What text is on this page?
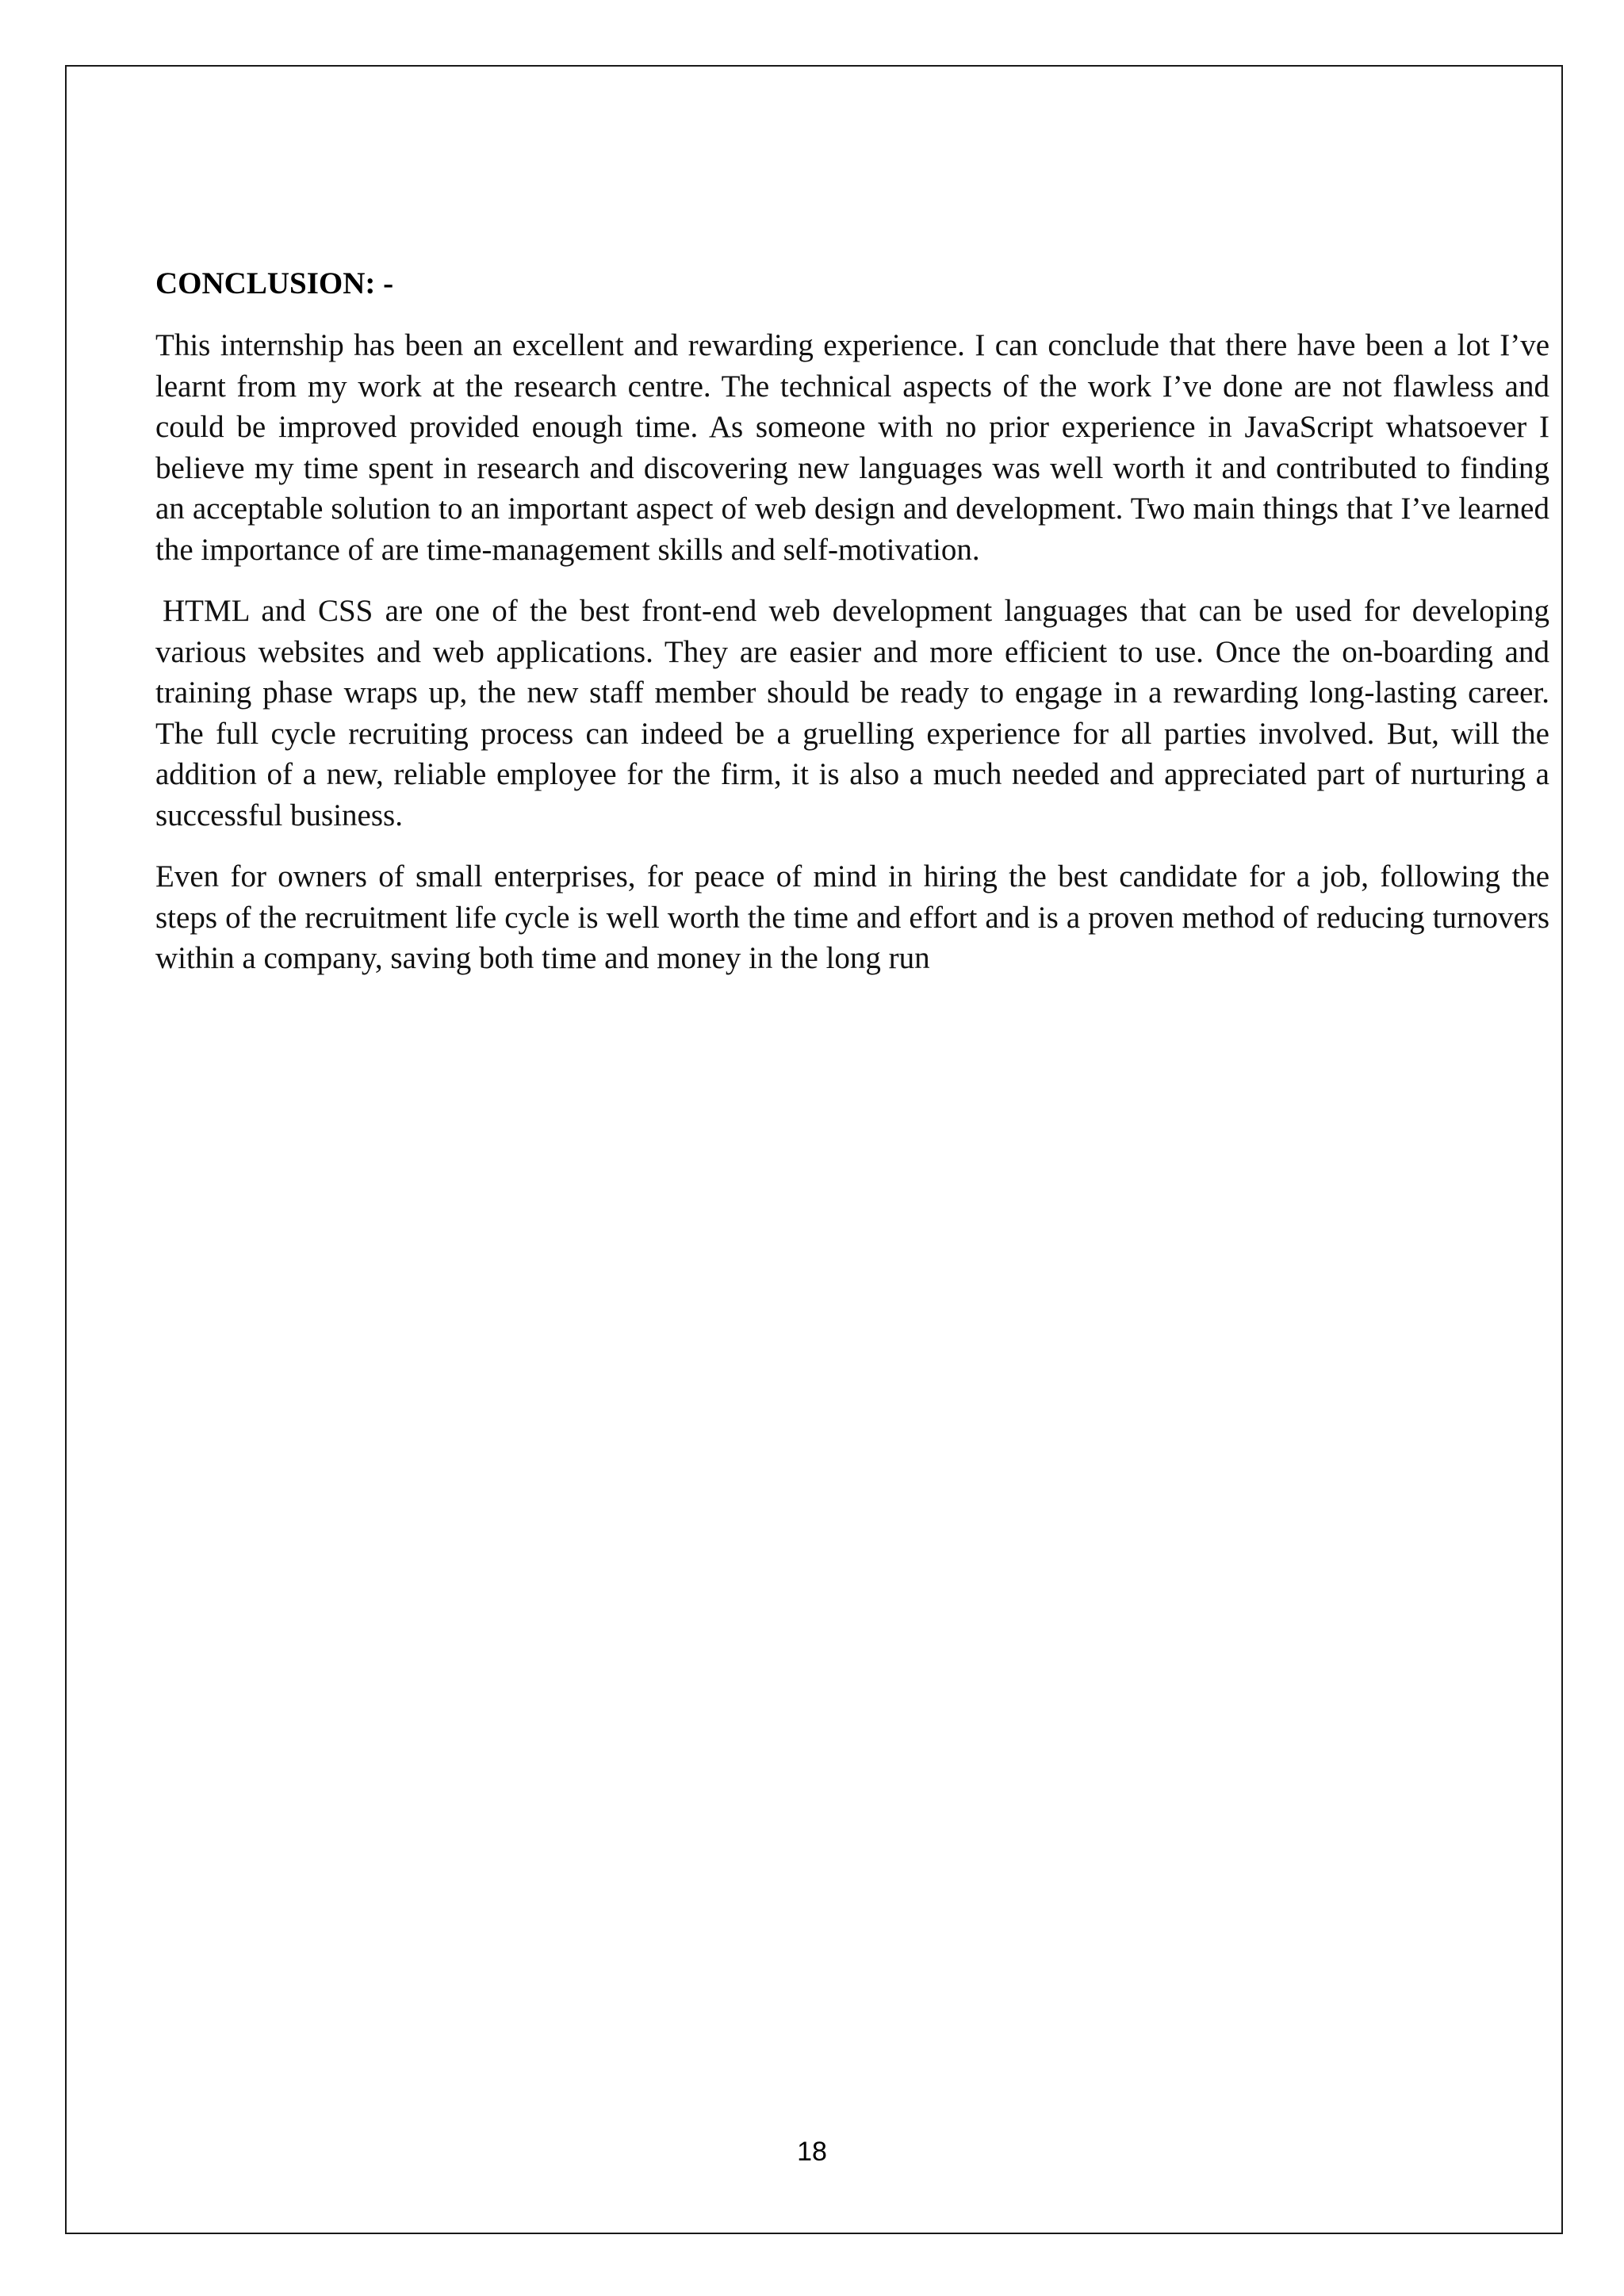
CONCLUSION: -

This internship has been an excellent and rewarding experience. I can conclude that there have been a lot I’ve learnt from my work at the research centre. The technical aspects of the work I’ve done are not flawless and could be improved provided enough time. As someone with no prior experience in JavaScript whatsoever I believe my time spent in research and discovering new languages was well worth it and contributed to finding an acceptable solution to an important aspect of web design and development. Two main things that I’ve learned the importance of are time-management skills and self-motivation.

HTML and CSS are one of the best front-end web development languages that can be used for developing various websites and web applications. They are easier and more efficient to use. Once the on-boarding and training phase wraps up, the new staff member should be ready to engage in a rewarding long-lasting career. The full cycle recruiting process can indeed be a gruelling experience for all parties involved. But, will the addition of a new, reliable employee for the firm, it is also a much needed and appreciated part of nurturing a successful business.

Even for owners of small enterprises, for peace of mind in hiring the best candidate for a job, following the steps of the recruitment life cycle is well worth the time and effort and is a proven method of reducing turnovers within a company, saving both time and money in the long run

18
